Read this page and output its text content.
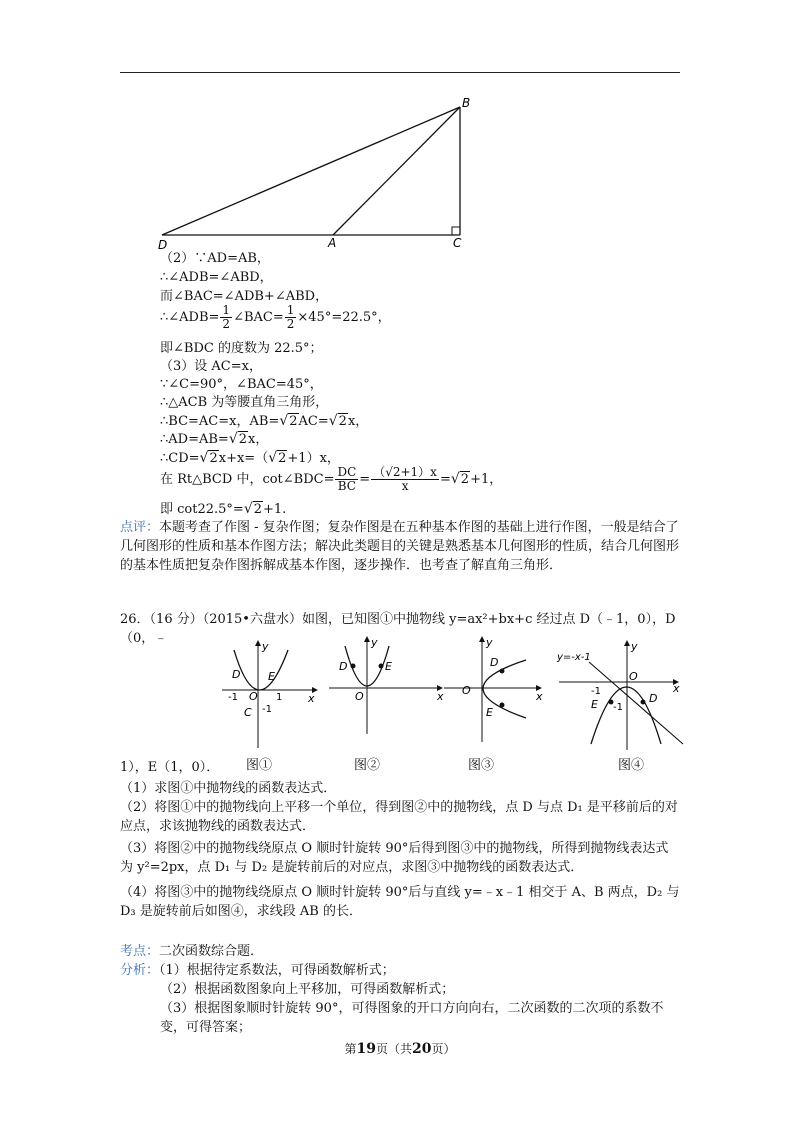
B
D	A	C
（2）∵AD=AB，
∴∠ADB=∠ABD，
而∠BAC=∠ADB+∠ABD，
∴∠ADB= $\frac{1}{2}$ ∠BAC= $\frac{1}{2} \times 45^\circ=22.5^\circ$，
即∠BDC 的度数为 22.5°；
（3）设 AC=x，
∵∠C=90°，∠BAC=45°，
∴△ACB 为等腰直角三角形，
∴BC=AC=x，AB=√2AC=√2x，
∴AD=AB=√2x，
∴CD=√2x+x=（√2+1）x，
在 Rt△BCD 中，cot∠BDC= $\frac{DC}{BC} = \frac{(√2+1)x}{x} =√2+1$，
即 cot22.5°=√2+1.
点评：本题考查了作图 - 复杂作图；复杂作图是在五种基本作图的基础上进行作图，一般是结合了几何图形的性质和基本作图方法；解决此类题目的关键是熟悉基本几何图形的性质，结合几何图形的基本性质把复杂作图拆解成基本作图，逐步操作．也考查了解直角三角形．
26．（16 分）（2015•六盘水）如图，已知图①中抛物线 y=ax²+bx+c 经过点 D（﹣1，0），D（0，﹣
y
x
D	E
O
-1	1
C -1
y
x
D	E
O
y
x
D
E
O
y
x
y=-x-1
D
E
O
-1
-1
1），E（1，0）．	图①	图②	图③	图④
（1）求图①中抛物线的函数表达式．
（2）将图①中的抛物线向上平移一个单位，得到图②中的抛物线，点 D 与点 D₁ 是平移前后的对应点，求该抛物线的函数表达式．
（3）将图②中的抛物线绕原点 O 顺时针旋转 90°后得到图③中的抛物线，所得到抛物线表达式为 y²=2px，点 D₁ 与 D₂ 是旋转前后的对应点，求图③中抛物线的函数表达式．
（4）将图③中的抛物线绕原点 O 顺时针旋转 90°后与直线 y=﹣x﹣1 相交于 A、B 两点，D₂ 与 D₃ 是旋转前后如图④，求线段 AB 的长．
考点：二次函数综合题．
分析：（1）根据待定系数法，可得函数解析式；
（2）根据函数图象向上平移加，可得函数解析式；
（3）根据图象顺时针旋转 90°，可得图象的开口方向向右，二次函数的二次项的系数不变，可得答案；
第19页（共20页）
